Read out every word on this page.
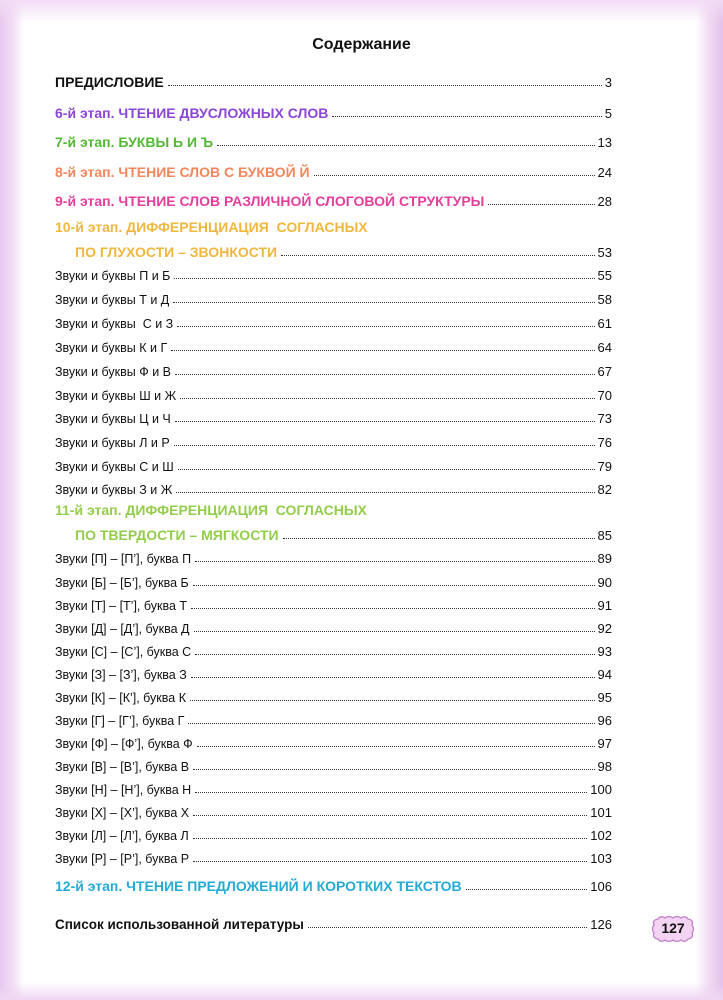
Содержание
ПРЕДИСЛОВИЕ	3
6-й этап. ЧТЕНИЕ ДВУСЛОЖНЫХ СЛОВ	5
7-й этап. БУКВЫ Ь И Ъ	13
8-й этап. ЧТЕНИЕ СЛОВ С БУКВОЙ Й	24
9-й этап. ЧТЕНИЕ СЛОВ РАЗЛИЧНОЙ СЛОГОВОЙ СТРУКТУРЫ	28
10-й этап. ДИФФЕРЕНЦИАЦИЯ  СОГЛАСНЫХ
ПО ГЛУХОСТИ – ЗВОНКОСТИ	53
Звуки и буквы П и Б	55
Звуки и буквы Т и Д	58
Звуки и буквы  С и З	61
Звуки и буквы К и Г	64
Звуки и буквы Ф и В	67
Звуки и буквы Ш и Ж	70
Звуки и буквы Ц и Ч	73
Звуки и буквы Л и Р	76
Звуки и буквы С и Ш	79
Звуки и буквы З и Ж	82
11-й этап. ДИФФЕРЕНЦИАЦИЯ  СОГЛАСНЫХ
ПО ТВЕРДОСТИ – МЯГКОСТИ	85
Звуки [П] – [П’], буква П	89
Звуки [Б] – [Б’], буква Б	90
Звуки [Т] – [Т’], буква Т	91
Звуки [Д] – [Д’], буква Д	92
Звуки [С] – [С’], буква С	93
Звуки [З] – [З’], буква З	94
Звуки [К] – [К’], буква К	95
Звуки [Г] – [Г’], буква Г	96
Звуки [Ф] – [Ф’], буква Ф	97
Звуки [В] – [В’], буква В	98
Звуки [Н] – [Н’], буква Н	100
Звуки [Х] – [Х’], буква Х	101
Звуки [Л] – [Л’], буква Л	102
Звуки [Р] – [Р’], буква Р	103
12-й этап. ЧТЕНИЕ ПРЕДЛОЖЕНИЙ И КОРОТКИХ ТЕКСТОВ	106
Список использованной литературы	126	127
